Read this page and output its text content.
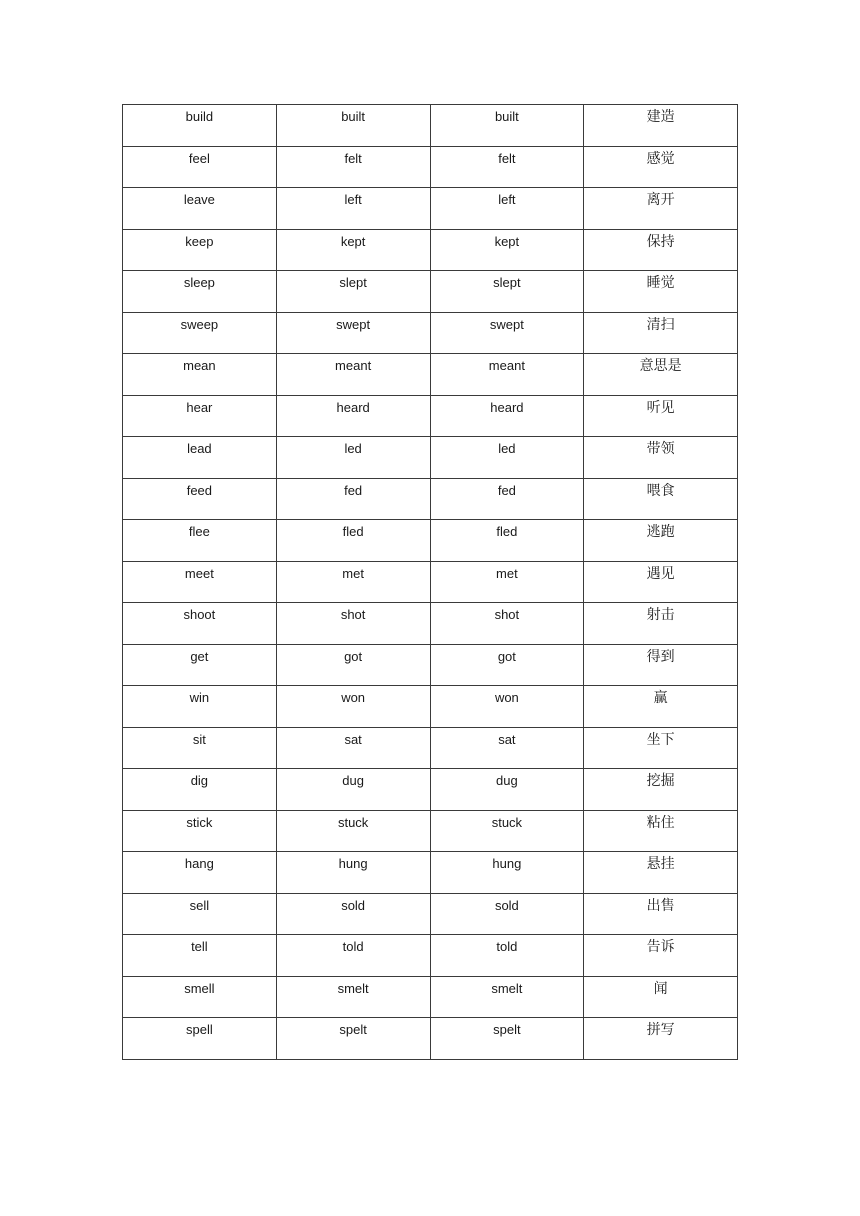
build	built	built	建造
feel	felt	felt	感觉
leave	left	left	离开
keep	kept	kept	保持
sleep	slept	slept	睡觉
sweep	swept	swept	清扫
mean	meant	meant	意思是
hear	heard	heard	听见
lead	led	led	带领
feed	fed	fed	喂食
flee	fled	fled	逃跑
meet	met	met	遇见
shoot	shot	shot	射击
get	got	got	得到
win	won	won	赢
sit	sat	sat	坐下
dig	dug	dug	挖掘
stick	stuck	stuck	粘住
hang	hung	hung	悬挂
sell	sold	sold	出售
tell	told	told	告诉
smell	smelt	smelt	闻
spell	spelt	spelt	拼写
